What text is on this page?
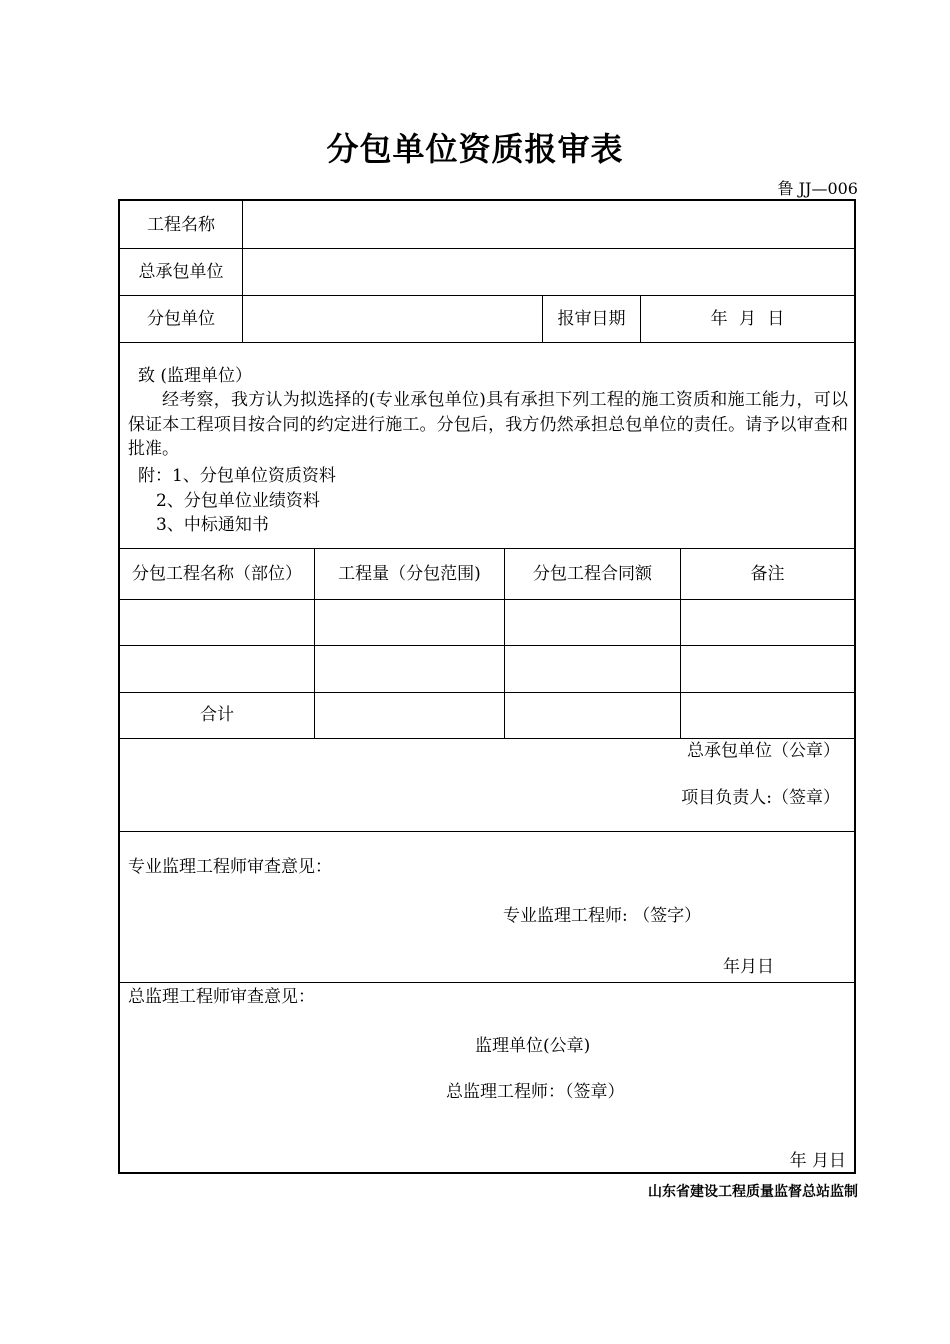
分包单位资质报审表
鲁 JJ—006
工程名称
总承包单位
分包单位	报审日期	年 月 日
致 (监理单位）
经考察，我方认为拟选择的(专业承包单位)具有承担下列工程的施工资质和施工能力，可以保证本工程项目按合同的约定进行施工。分包后，我方仍然承担总包单位的责任。请予以审查和批准。
附：1、分包单位资质资料
2、分包单位业绩资料
3、中标通知书
分包工程名称（部位）	工程量（分包范围)	分包工程合同额	备注
合计
总承包单位（公章）
项目负责人:（签章）
专业监理工程师审查意见：
专业监理工程师: （签字）
年月日
总监理工程师审查意见：
监理单位(公章)
总监理工程师：（签章）
年 月日
山东省建设工程质量监督总站监制
